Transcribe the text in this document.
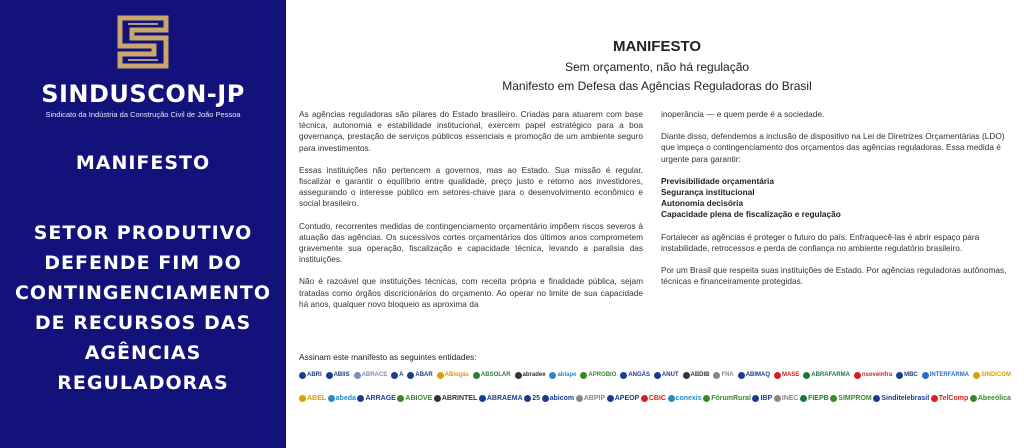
SINDUSCON-JP
Sindicato da Indústria da Construção Civil de João Pessoa
MANIFESTO
SETOR PRODUTIVO
DEFENDE FIM DO
CONTINGENCIAMENTO
DE RECURSOS DAS
AGÊNCIAS
REGULADORAS
MANIFESTO
Sem orçamento, não há regulação
Manifesto em Defesa das Agências Reguladoras do Brasil

As agências reguladoras são pilares do Estado brasileiro. Criadas para atuarem com base técnica, autonomia e estabilidade institucional, exercem papel estratégico para a boa governança, prestação de serviços públicos essenciais e promoção de um ambiente seguro para investimentos.

Essas instituições não pertencem a governos, mas ao Estado. Sua missão é regular, fiscalizar e garantir o equilíbrio entre qualidade, preço justo e retorno aos investidores, assegurando o interesse público em setores-chave para o desenvolvimento econômico e social brasileiro.

Contudo, recorrentes medidas de contingenciamento orçamentário impõem riscos severos à atuação das agências. Os sucessivos cortes orçamentários dos últimos anos comprometem gravemente sua operação, fiscalização e capacidade técnica, levando a paralisia das instituições.

Não é razoável que instituições técnicas, com receita própria e finalidade pública, sejam tratadas como órgãos discricionários do orçamento. Ao operar no limite de sua capacidade há anos, qualquer novo bloqueio as aproxima da

inoperância — e quem perde é a sociedade.

Diante disso, defendemos a inclusão de dispositivo na Lei de Diretrizes Orçamentárias (LDO) que impeça o contingenciamento dos orçamentos das agências reguladoras. Essa medida é urgente para garantir:

Previsibilidade orçamentária
Segurança institucional
Autonomia decisória
Capacidade plena de fiscalização e regulação

Fortalecer as agências é proteger o futuro do país. Enfraquecê-las é abrir espaço para instabilidade, retrocessos e perda de confiança no ambiente regulatório brasileiro.

Por um Brasil que respeita suas instituições de Estado. Por agências reguladoras autônomas, técnicas e financeiramente protegidas.

Assinam este manifesto as seguintes entidades:
ABRI ABIIS ABRACE A ABAR ABlogás ABSOLAR abradee abiape APROBIO ANGÁS ANUT ABDIB FNA ABIMAQ MASE ABRAFARMA nsoveinfra MBC INTERFARMA SINDICOM
ABEL abeda ARRAGE ABIOVE ABRINTEL ABRAEMA 25 abicom ABPIP APEOP CBIC conexis FórumRural IBP INEC FIEPB SIMPROM Sinditelebrasil TelComp Abeeólica
